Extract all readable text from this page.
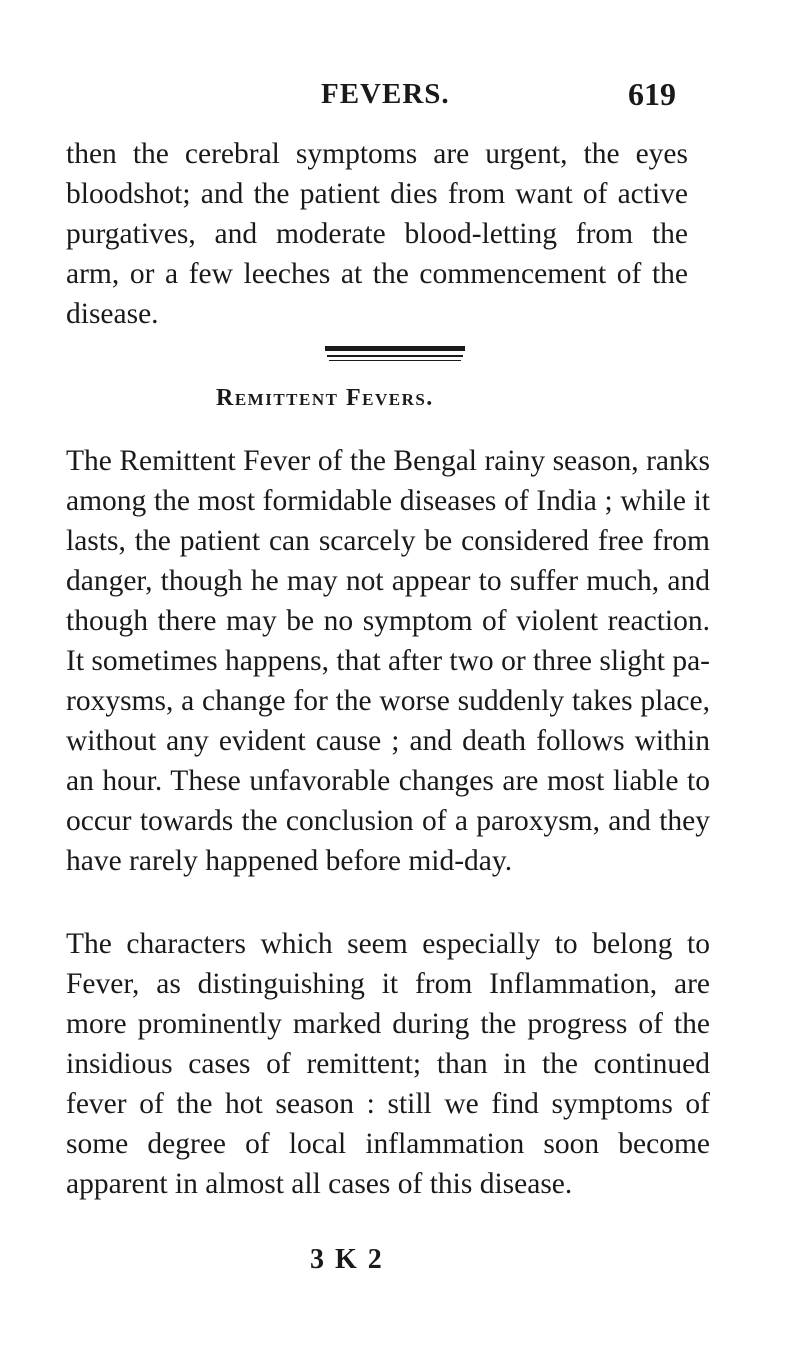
FEVERS.	619

then the cerebral symptoms are urgent, the eyes bloodshot; and the patient dies from want of active purgatives, and moderate blood-letting from the arm, or a few leeches at the commencement of the disease.

Remittent Fevers.

The Remittent Fever of the Bengal rainy season, ranks among the most formidable diseases of India ; while it lasts, the patient can scarcely be considered free from danger, though he may not appear to suffer much, and though there may be no symptom of violent reaction. It sometimes happens, that after two or three slight paroxysms, a change for the worse suddenly takes place, without any evident cause ; and death follows within an hour. These unfavorable changes are most liable to occur towards the conclusion of a paroxysm, and they have rarely happened before mid-day.

The characters which seem especially to belong to Fever, as distinguishing it from Inflammation, are more prominently marked during the progress of the insidious cases of remittent; than in the continued fever of the hot season : still we find symptoms of some degree of local inflammation soon become apparent in almost all cases of this disease.

3 K 2
